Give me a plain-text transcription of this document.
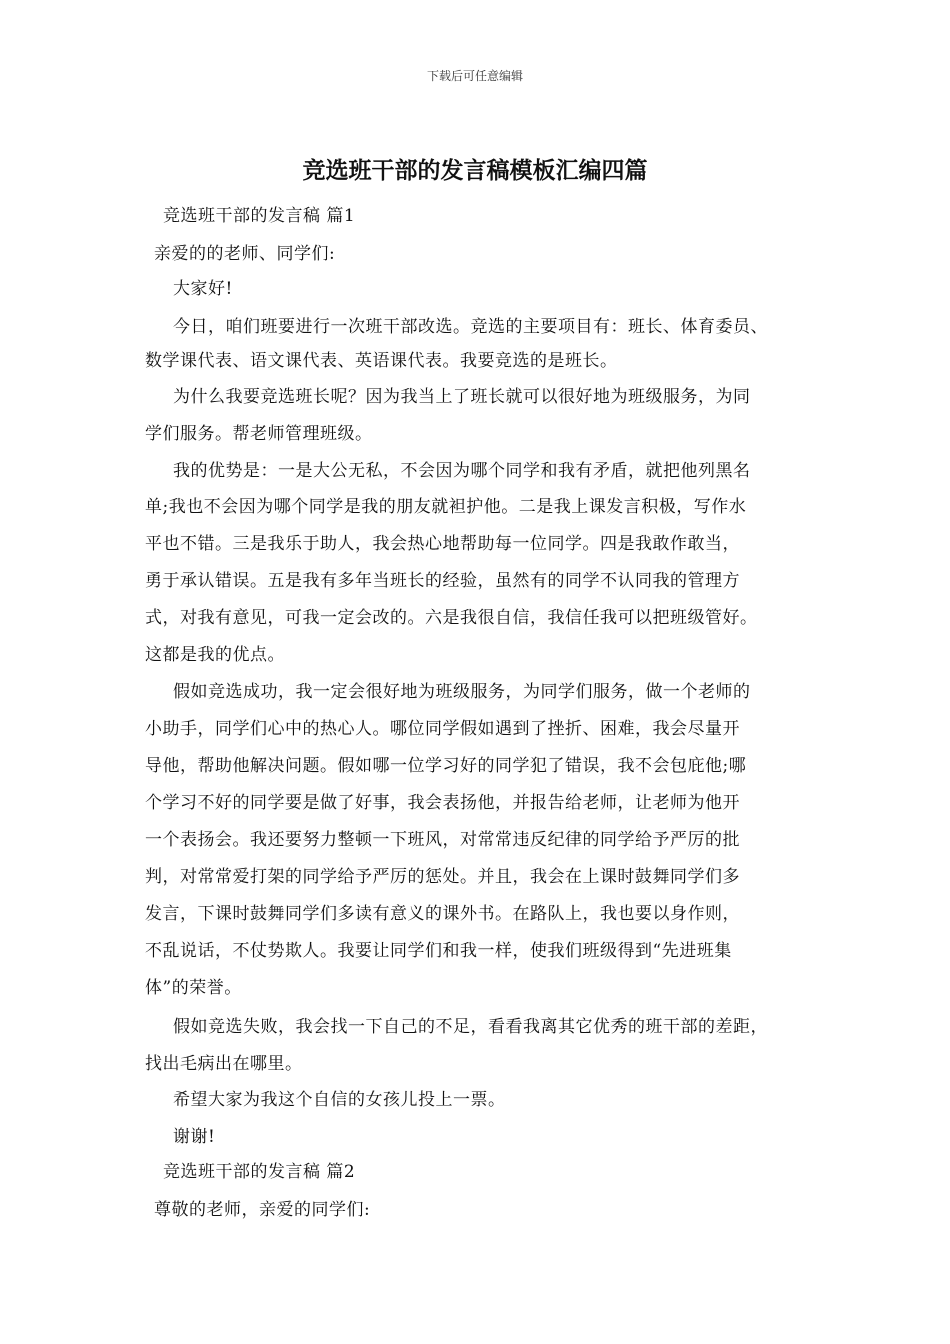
下载后可任意编辑
竞选班干部的发言稿模板汇编四篇
竞选班干部的发言稿 篇1
亲爱的的老师、同学们:
大家好!
今日，咱们班要进行一次班干部改选。竞选的主要项目有：班长、体育委员、
数学课代表、语文课代表、英语课代表。我要竞选的是班长。
为什么我要竞选班长呢？因为我当上了班长就可以很好地为班级服务，为同
学们服务。帮老师管理班级。
我的优势是：一是大公无私，不会因为哪个同学和我有矛盾，就把他列黑名
单;我也不会因为哪个同学是我的朋友就袒护他。二是我上课发言积极，写作水
平也不错。三是我乐于助人，我会热心地帮助每一位同学。四是我敢作敢当，
勇于承认错误。五是我有多年当班长的经验，虽然有的同学不认同我的管理方
式，对我有意见，可我一定会改的。六是我很自信，我信任我可以把班级管好。
这都是我的优点。
假如竞选成功，我一定会很好地为班级服务，为同学们服务，做一个老师的
小助手，同学们心中的热心人。哪位同学假如遇到了挫折、困难，我会尽量开
导他，帮助他解决问题。假如哪一位学习好的同学犯了错误，我不会包庇他;哪
个学习不好的同学要是做了好事，我会表扬他，并报告给老师，让老师为他开
一个表扬会。我还要努力整顿一下班风，对常常违反纪律的同学给予严厉的批
判，对常常爱打架的同学给予严厉的惩处。并且，我会在上课时鼓舞同学们多
发言，下课时鼓舞同学们多读有意义的课外书。在路队上，我也要以身作则，
不乱说话，不仗势欺人。我要让同学们和我一样，使我们班级得到“先进班集
体”的荣誉。
假如竞选失败，我会找一下自己的不足，看看我离其它优秀的班干部的差距，
找出毛病出在哪里。
希望大家为我这个自信的女孩儿投上一票。
谢谢!
竞选班干部的发言稿 篇2
尊敬的老师，亲爱的同学们:
